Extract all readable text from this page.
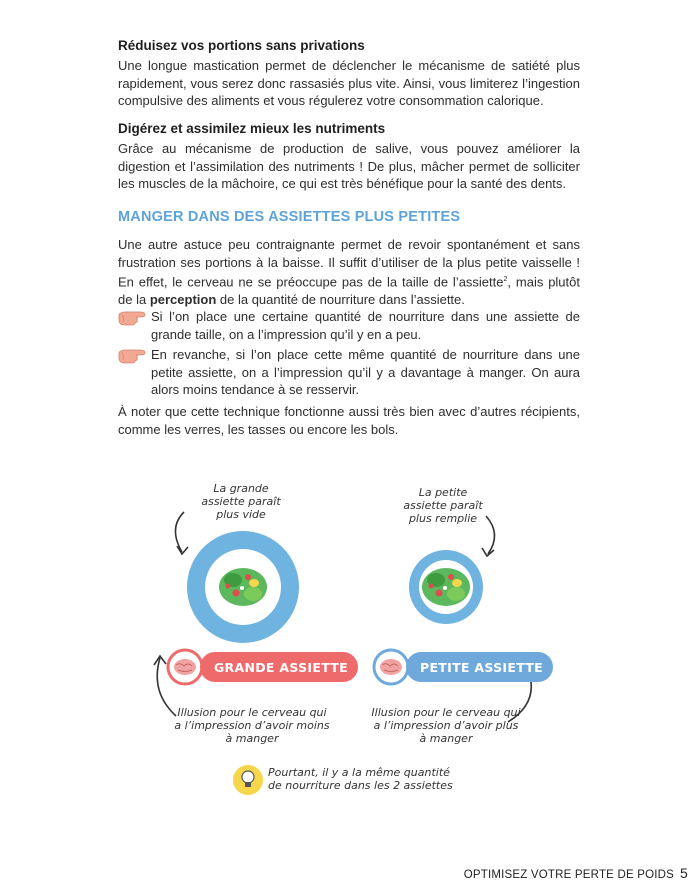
Réduisez vos portions sans privations

Une longue mastication permet de déclencher le mécanisme de satiété plus rapidement, vous serez donc rassasiés plus vite. Ainsi, vous limiterez l’ingestion compulsive des aliments et vous régulerez votre consommation calorique.

Digérez et assimilez mieux les nutriments

Grâce au mécanisme de production de salive, vous pouvez améliorer la digestion et l’assimilation des nutriments ! De plus, mâcher permet de solliciter les muscles de la mâchoire, ce qui est très bénéfique pour la santé des dents.

MANGER DANS DES ASSIETTES PLUS PETITES

Une autre astuce peu contraignante permet de revoir spontanément et sans frustration ses portions à la baisse. Il suffit d’utiliser de la plus petite vaisselle ! En effet, le cerveau ne se préoccupe pas de la taille de l’assiette$^2$, mais plutôt de la perception de la quantité de nourriture dans l’assiette.

Si l’on place une certaine quantité de nourriture dans une assiette de grande taille, on a l’impression qu’il y en a peu.
En revanche, si l’on place cette même quantité de nourriture dans une petite assiette, on a l’impression qu’il y a davantage à manger. On aura alors moins tendance à se resservir.

À noter que cette technique fonctionne aussi très bien avec d’autres récipients, comme les verres, les tasses ou encore les bols.

La grande
assiette paraît
plus vide
La petite
assiette paraît
plus remplie
GRANDE ASSIETTE	PETITE ASSIETTE
Illusion pour le cerveau qui
a l’impression d’avoir moins
à manger
Illusion pour le cerveau qui
a l’impression d’avoir plus
à manger
Pourtant, il y a la même quantité
de nourriture dans les 2 assiettes
OPTIMISEZ VOTRE PERTE DE POIDS 5
